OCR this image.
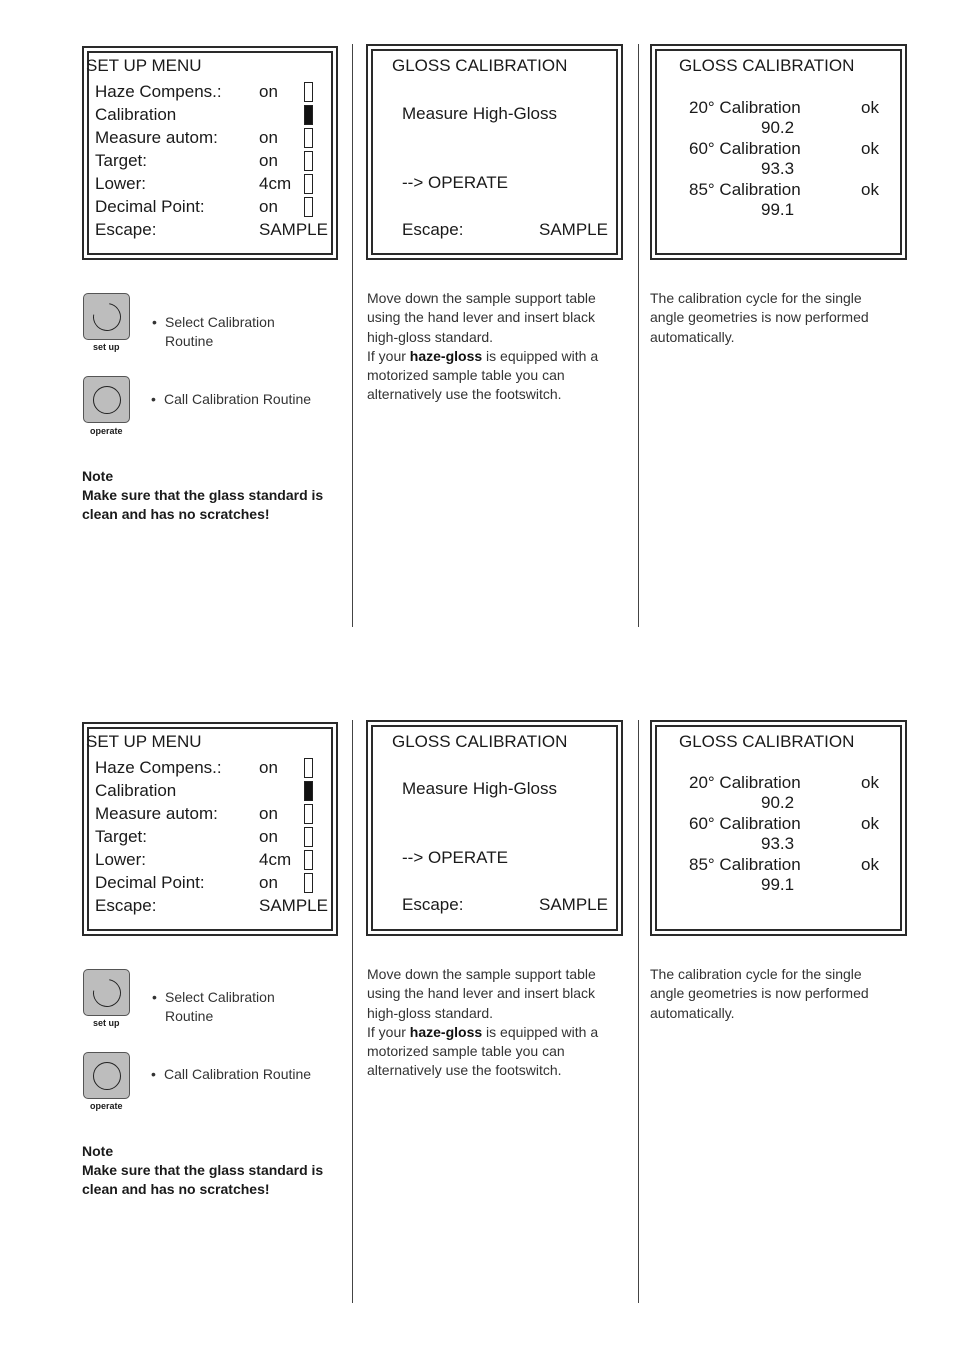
SET UP MENU
Haze Compens.: on
Calibration
Measure autom: on
Target:	on
Lower:	4cm
Decimal Point:	on
Escape:	SAMPLE
GLOSS CALIBRATION
Measure High-Gloss
--> OPERATE
Escape:	SAMPLE
GLOSS CALIBRATION
20° Calibration	ok
90.2
60° Calibration	ok
93.3
85° Calibration	ok
99.1
set up
• Select Calibration
Routine
operate
• Call Calibration Routine
Note
Make sure that the glass standard is
clean and has no scratches!
Move down the sample support table
using the hand lever and insert black
high-gloss standard.
If your haze-gloss is equipped with a
motorized sample table you can
alternatively use the footswitch.
The calibration cycle for the single
angle geometries is now performed
automatically.
SET UP MENU
Haze Compens.: on
Calibration
Measure autom: on
Target:	on
Lower:	4cm
Decimal Point:	on
Escape:	SAMPLE
GLOSS CALIBRATION
Measure High-Gloss
--> OPERATE
Escape:	SAMPLE
GLOSS CALIBRATION
20° Calibration	ok
90.2
60° Calibration	ok
93.3
85° Calibration	ok
99.1
set up
• Select Calibration
Routine
operate
• Call Calibration Routine
Note
Make sure that the glass standard is
clean and has no scratches!
Move down the sample support table
using the hand lever and insert black
high-gloss standard.
If your haze-gloss is equipped with a
motorized sample table you can
alternatively use the footswitch.
The calibration cycle for the single
angle geometries is now performed
automatically.
